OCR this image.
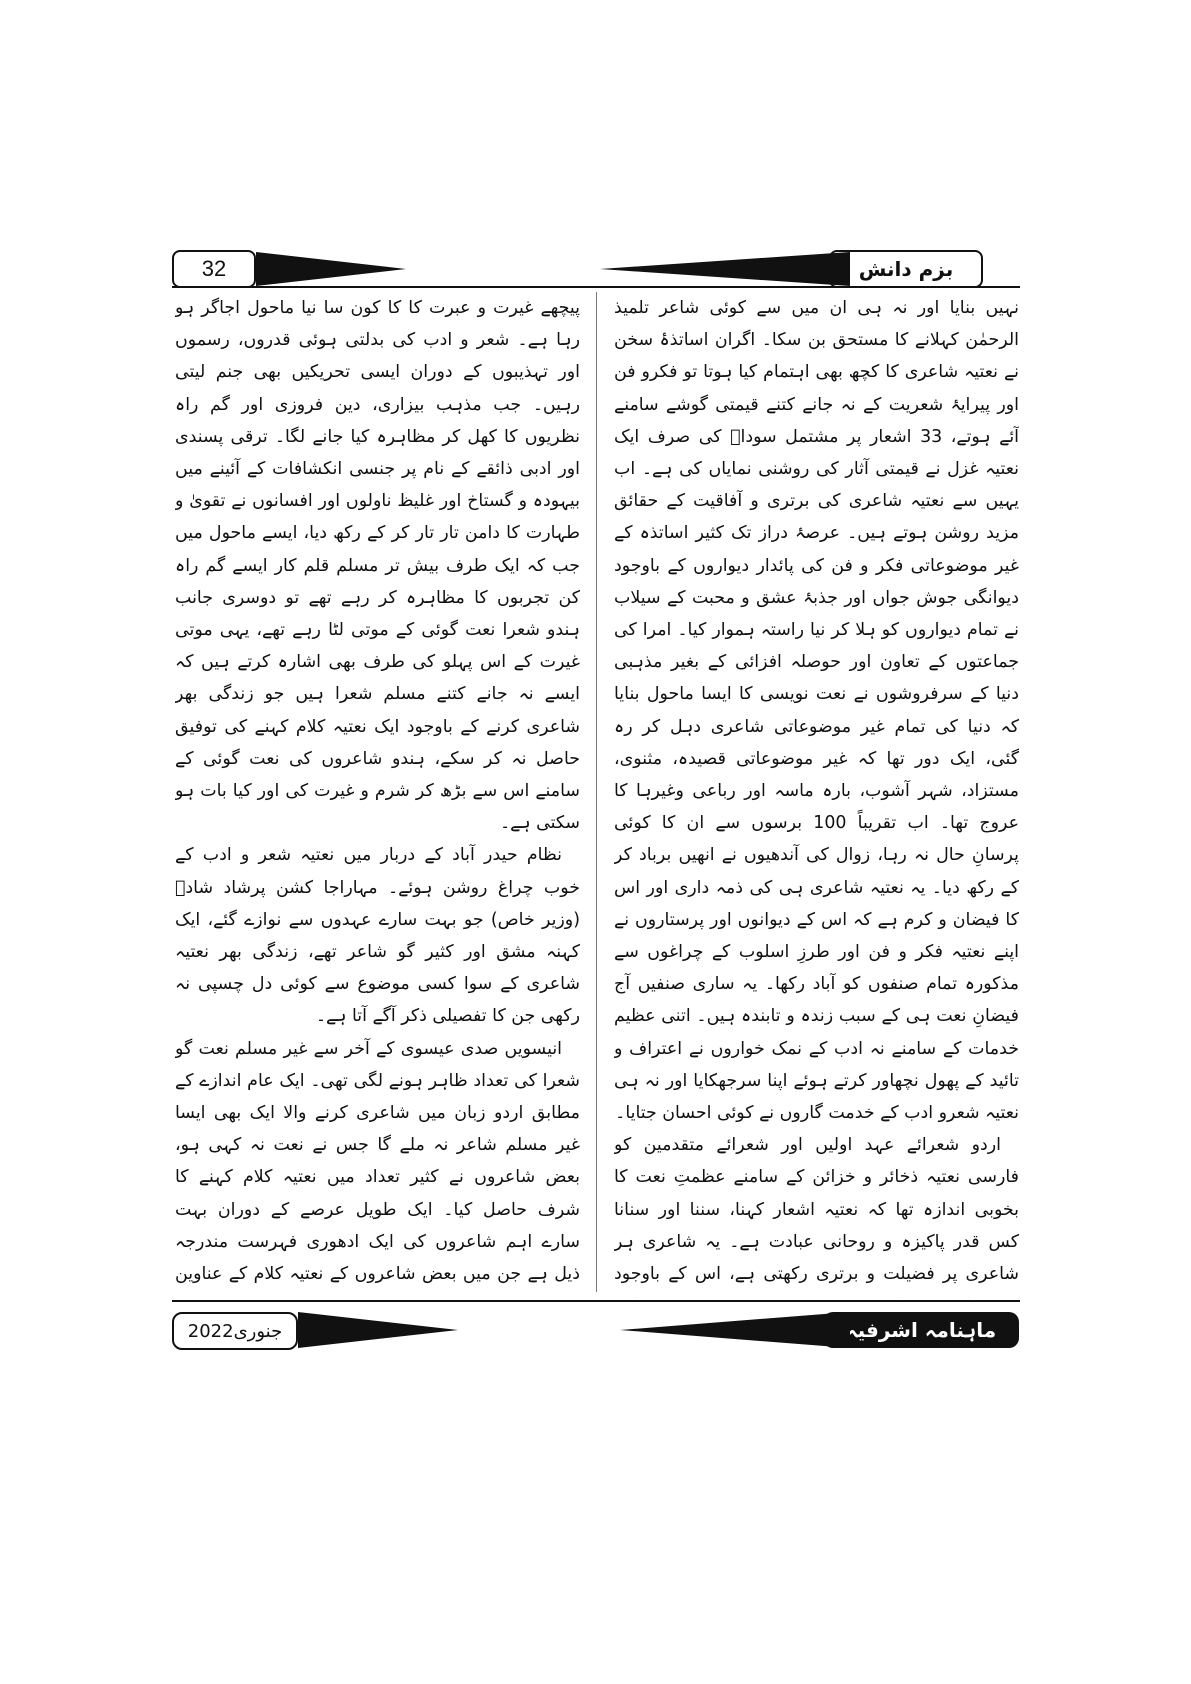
بزم دانش
32

نہیں بنایا اور نہ ہی ان میں سے کوئی شاعر تلمیذ الرحمٰن کہلانے کا مستحق بن سکا۔ اگران اساتذۂ سخن نے نعتیہ شاعری کا کچھ بھی اہتمام کیا ہوتا تو فکرو فن اور پیرایۂ شعریت کے نہ جانے کتنے قیمتی گوشے سامنے آئے ہوتے، 33 اشعار پر مشتمل سوداؔ کی صرف ایک نعتیہ غزل نے قیمتی آثار کی روشنی نمایاں کی ہے۔ اب یہیں سے نعتیہ شاعری کی برتری و آفاقیت کے حقائق مزید روشن ہوتے ہیں۔ عرصۂ دراز تک کثیر اساتذہ کے غیر موضوعاتی فکر و فن کی پائدار دیواروں کے باوجود دیوانگی جوش جواں اور جذبۂ عشق و محبت کے سیلاب نے تمام دیواروں کو ہلا کر نیا راستہ ہموار کیا۔ امرا کی جماعتوں کے تعاون اور حوصلہ افزائی کے بغیر مذہبی دنیا کے سرفروشوں نے نعت نویسی کا ایسا ماحول بنایا کہ دنیا کی تمام غیر موضوعاتی شاعری دہل کر رہ گئی، ایک دور تھا کہ غیر موضوعاتی قصیدہ، مثنوی، مستزاد، شہر آشوب، بارہ ماسہ اور رباعی وغیرہا کا عروج تھا۔ اب تقریباً 100 برسوں سے ان کا کوئی پرسانِ حال نہ رہا، زوال کی آندھیوں نے انھیں برباد کر کے رکھ دیا۔ یہ نعتیہ شاعری ہی کی ذمہ داری اور اس کا فیضان و کرم ہے کہ اس کے دیوانوں اور پرستاروں نے اپنے نعتیہ فکر و فن اور طرزِ اسلوب کے چراغوں سے مذکورہ تمام صنفوں کو آباد رکھا۔ یہ ساری صنفیں آج فیضانِ نعت ہی کے سبب زندہ و تابندہ ہیں۔ اتنی عظیم خدمات کے سامنے نہ ادب کے نمک خواروں نے اعتراف و تائید کے پھول نچھاور کرتے ہوئے اپنا سرجھکایا اور نہ ہی نعتیہ شعرو ادب کے خدمت گاروں نے کوئی احسان جتایا۔

اردو شعرائے عہد اولیں اور شعرائے متقدمین کو فارسی نعتیہ ذخائر و خزائن کے سامنے عظمتِ نعت کا بخوبی اندازہ تھا کہ نعتیہ اشعار کہنا، سننا اور سنانا کس قدر پاکیزہ و روحانی عبادت ہے۔ یہ شاعری ہر شاعری پر فضیلت و برتری رکھتی ہے، اس کے باوجود

پیچھے غیرت و عبرت کا کا کون سا نیا ماحول اجاگر ہو رہا ہے۔ شعر و ادب کی بدلتی ہوئی قدروں، رسموں اور تہذیبوں کے دوران ایسی تحریکیں بھی جنم لیتی رہیں۔ جب مذہب بیزاری، دین فروزی اور گم راہ نظریوں کا کھل کر مظاہرہ کیا جانے لگا۔ ترقی پسندی اور ادبی ذائقے کے نام پر جنسی انکشافات کے آئینے میں بیہودہ و گستاخ اور غلیظ ناولوں اور افسانوں نے تقویٰ و طہارت کا دامن تار تار کر کے رکھ دیا، ایسے ماحول میں جب کہ ایک طرف بیش تر مسلم قلم کار ایسے گم راہ کن تجربوں کا مظاہرہ کر رہے تھے تو دوسری جانب ہندو شعرا نعت گوئی کے موتی لٹا رہے تھے، یہی موتی غیرت کے اس پہلو کی طرف بھی اشارہ کرتے ہیں کہ ایسے نہ جانے کتنے مسلم شعرا ہیں جو زندگی بھر شاعری کرنے کے باوجود ایک نعتیہ کلام کہنے کی توفیق حاصل نہ کر سکے، ہندو شاعروں کی نعت گوئی کے سامنے اس سے بڑھ کر شرم و غیرت کی اور کیا بات ہو سکتی ہے۔

نظام حیدر آباد کے دربار میں نعتیہ شعر و ادب کے خوب چراغ روشن ہوئے۔ مہاراجا کشن پرشاد شادؔ (وزیر خاص) جو بہت سارے عہدوں سے نوازے گئے، ایک کہنہ مشق اور کثیر گو شاعر تھے، زندگی بھر نعتیہ شاعری کے سوا کسی موضوع سے کوئی دل چسپی نہ رکھی جن کا تفصیلی ذکر آگے آتا ہے۔

انیسویں صدی عیسوی کے آخر سے غیر مسلم نعت گو شعرا کی تعداد ظاہر ہونے لگی تھی۔ ایک عام اندازے کے مطابق اردو زبان میں شاعری کرنے والا ایک بھی ایسا غیر مسلم شاعر نہ ملے گا جس نے نعت نہ کہی ہو، بعض شاعروں نے کثیر تعداد میں نعتیہ کلام کہنے کا شرف حاصل کیا۔ ایک طویل عرصے کے دوران بہت سارے اہم شاعروں کی ایک ادھوری فہرست مندرجہ ذیل ہے جن میں بعض شاعروں کے نعتیہ کلام کے عناوین

ماہنامہ اشرفیہ
جنوری2022
